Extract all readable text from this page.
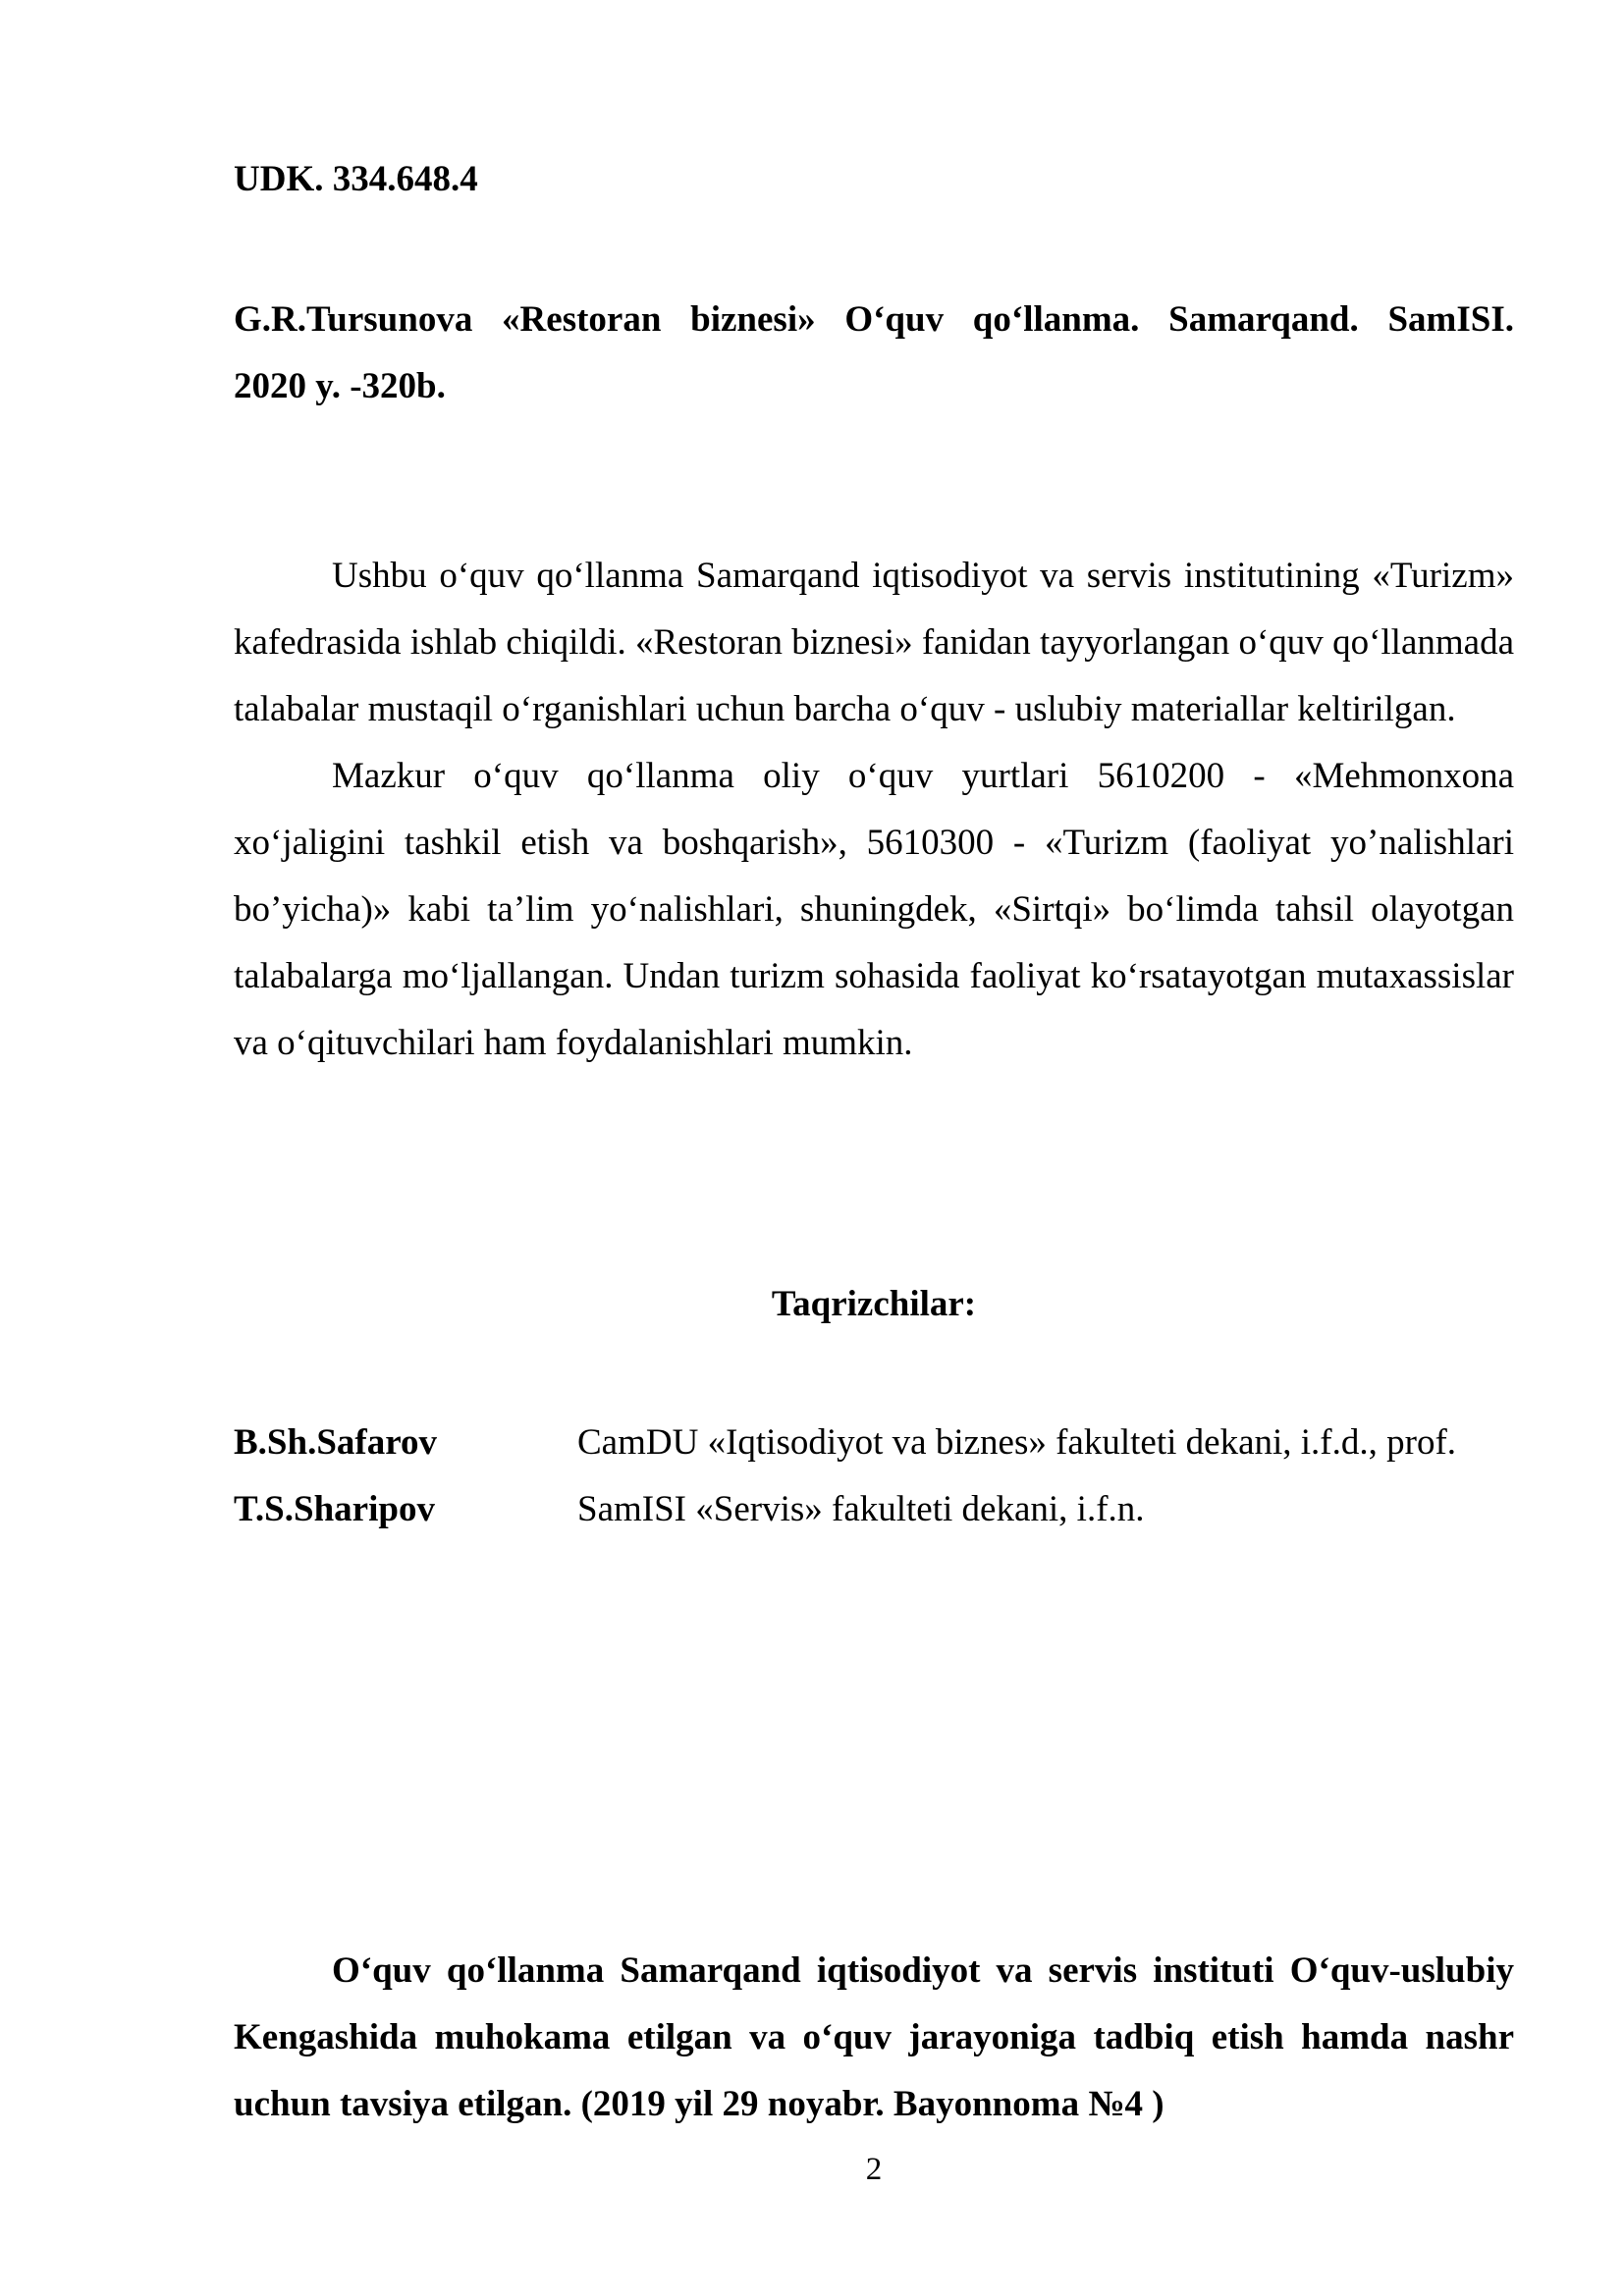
UDK. 334.648.4
G.R.Tursunova «Restoran biznesi» O‘quv qo‘llanma. Samarqand. SamISI.
2020 y. -320b.

Ushbu o‘quv qo‘llanma Samarqand iqtisodiyot va servis institutining «Turizm» kafedrasida ishlab chiqildi. «Restoran biznesi» fanidan tayyorlangan o‘quv qo‘llanmada talabalar mustaqil o‘rganishlari uchun barcha o‘quv - uslubiy materiallar keltirilgan.

Mazkur o‘quv qo‘llanma oliy o‘quv yurtlari 5610200 - «Mehmonxona xo‘jaligini tashkil etish va boshqarish», 5610300 - «Turizm (faoliyat yo’nalishlari bo’yicha)» kabi ta’lim yo‘nalishlari, shuningdek, «Sirtqi» bo‘limda tahsil olayotgan talabalarga mo‘ljallangan. Undan turizm sohasida faoliyat ko‘rsatayotgan mutaxassislar va o‘qituvchilari ham foydalanishlari mumkin.

Taqrizchilar:
B.Sh.Safarov	CamDU «Iqtisodiyot va biznes» fakulteti dekani, i.f.d., prof.
T.S.Sharipov	SamISI «Servis» fakulteti dekani, i.f.n.

O‘quv qo‘llanma Samarqand iqtisodiyot va servis instituti O‘quv-uslubiy Kengashida muhokama etilgan va o‘quv jarayoniga tadbiq etish hamda nashr uchun tavsiya etilgan. (2019 yil 29 noyabr. Bayonnoma №4 )

2
